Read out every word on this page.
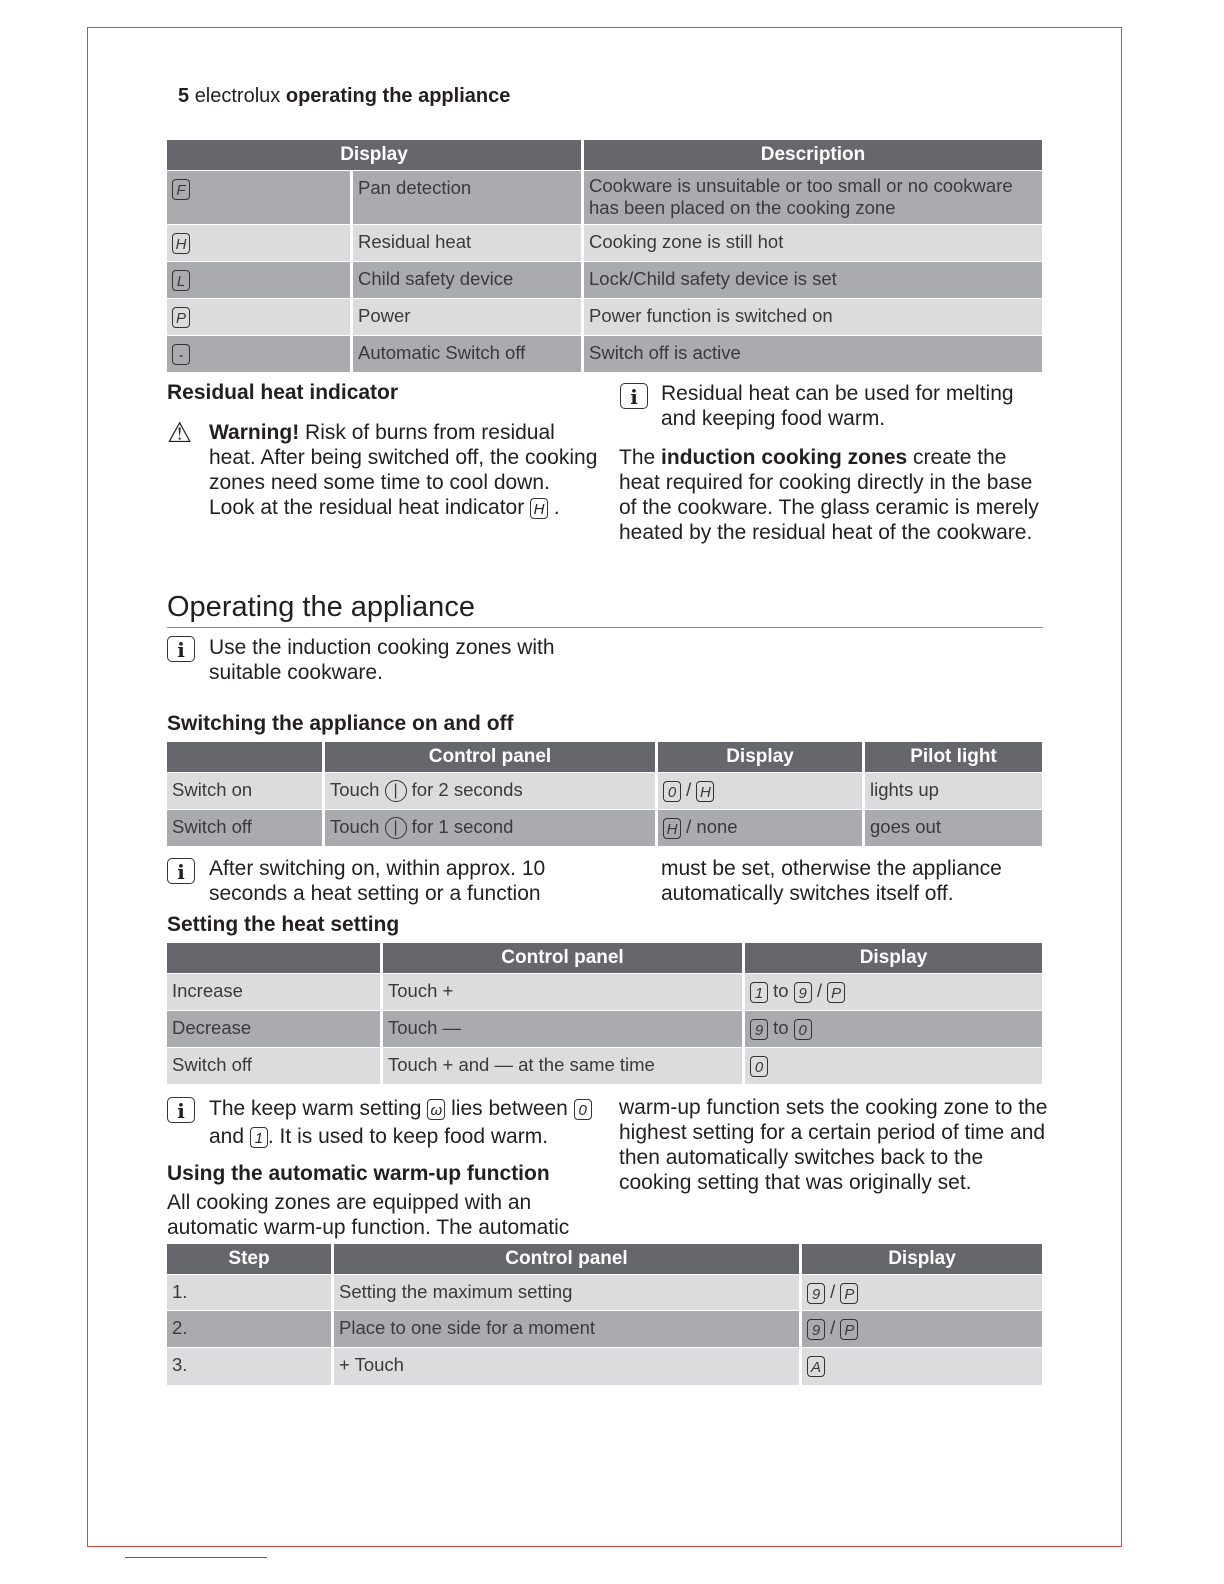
5 electrolux operating the appliance
Display		Description
F	Pan detection	Cookware is unsuitable or too small or no cookware has been placed on the cooking zone
H	Residual heat	Cooking zone is still hot
L	Child safety device	Lock/Child safety device is set
P	Power	Power function is switched on
-	Automatic Switch off	Switch off is active
Residual heat indicator
⚠ Warning! Risk of burns from residual heat. After being switched off, the cooking zones need some time to cool down. Look at the residual heat indicator H .
i	Residual heat can be used for melting and keeping food warm.
The induction cooking zones create the heat required for cooking directly in the base of the cookware. The glass ceramic is merely heated by the residual heat of the cookware.
Operating the appliance
i	Use the induction cooking zones with suitable cookware.
Switching the appliance on and off
	Control panel	Display	Pilot light
Switch on	Touch | for 2 seconds	0 / H	lights up
Switch off	Touch | for 1 second	H / none	goes out
i	After switching on, within approx. 10 seconds a heat setting or a function
must be set, otherwise the appliance automatically switches itself off.
Setting the heat setting
	Control panel	Display
Increase	Touch +	1 to 9 / P
Decrease	Touch —	9 to 0
Switch off	Touch + and — at the same time	0
i	The keep warm setting ω lies between 0 and 1 . It is used to keep food warm.
Using the automatic warm-up function
All cooking zones are equipped with an automatic warm-up function. The automatic
warm-up function sets the cooking zone to the highest setting for a certain period of time and then automatically switches back to the cooking setting that was originally set.
Step	Control panel	Display
1.	Setting the maximum setting	9 / P
2.	Place to one side for a moment	9 / P
3.	+ Touch	A
